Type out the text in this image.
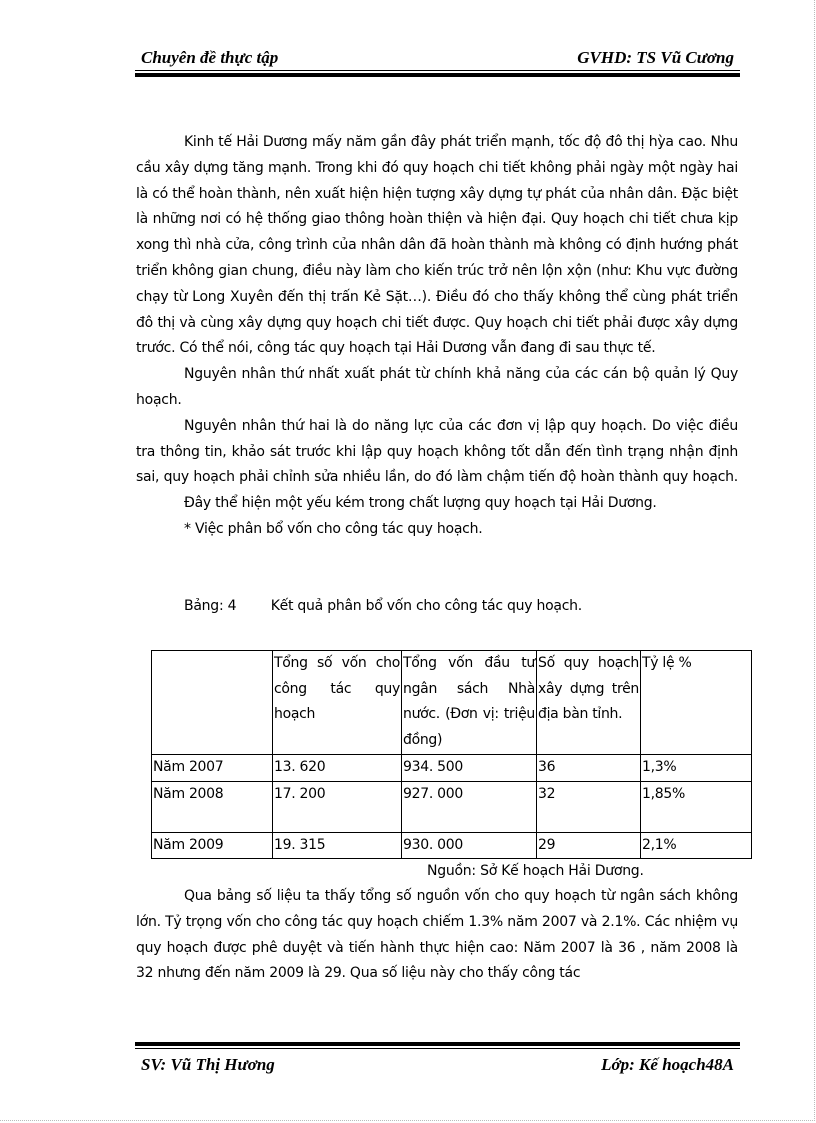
Chuyên đề thực tập	GVHD: TS Vũ Cương

Kinh tế Hải Dương mấy năm gần đây phát triển mạnh, tốc độ đô thị hỳa cao. Nhu cầu xây dựng tăng mạnh. Trong khi đó quy hoạch chi tiết không phải ngày một ngày hai là có thể hoàn thành, nên xuất hiện hiện tượng xây dựng tự phát của nhân dân. Đặc biệt là những nơi có hệ thống giao thông hoàn thiện và hiện đại. Quy hoạch chi tiết chưa kịp xong thì nhà cửa, công trình của nhân dân đã hoàn thành mà không có định hướng phát triển không gian chung, điều này làm cho kiến trúc trở nên lộn xộn (như: Khu vực đường chạy từ Long Xuyên đến thị trấn Kẻ Sặt…). Điều đó cho thấy không thể cùng phát triển đô thị và cùng xây dựng quy hoạch chi tiết được. Quy hoạch chi tiết phải được xây dựng trước. Có thể nói, công tác quy hoạch tại Hải Dương vẫn đang đi sau thực tế.

Nguyên nhân thứ nhất xuất phát từ chính khả năng của các cán bộ quản lý Quy hoạch.

Nguyên nhân thứ hai là do năng lực của các đơn vị lập quy hoạch. Do việc điều tra thông tin, khảo sát trước khi lập quy hoạch không tốt dẫn đến tình trạng nhận định sai, quy hoạch phải chỉnh sửa nhiều lần, do đó làm chậm tiến độ hoàn thành quy hoạch.

Đây thể hiện một yếu kém trong chất lượng quy hoạch tại Hải Dương.

* Việc phân bổ vốn cho công tác quy hoạch.

Bảng: 4 Kết quả phân bổ vốn cho công tác quy hoạch.
	Tổng số vốn cho công tác quy hoạch	Tổng vốn đầu tư ngân sách Nhà nước. (Đơn vị: triệu đồng)	Số quy hoạch xây dựng trên địa bàn tỉnh.	Tỷ lệ %
Năm 2007	13. 620	934. 500	36	1,3%
Năm 2008	17. 200	927. 000	32	1,85%
Năm 2009	19. 315	930. 000	29	2,1%
Nguồn: Sở Kế hoạch Hải Dương.

Qua bảng số liệu ta thấy tổng số nguồn vốn cho quy hoạch từ ngân sách không lớn. Tỷ trọng vốn cho công tác quy hoạch chiếm 1.3% năm 2007 và 2.1%. Các nhiệm vụ quy hoạch được phê duyệt và tiến hành thực hiện cao: Năm 2007 là 36 , năm 2008 là 32 nhưng đến năm 2009 là 29. Qua số liệu này cho thấy công tác

SV: Vũ Thị Hương	Lớp: Kế hoạch48A
